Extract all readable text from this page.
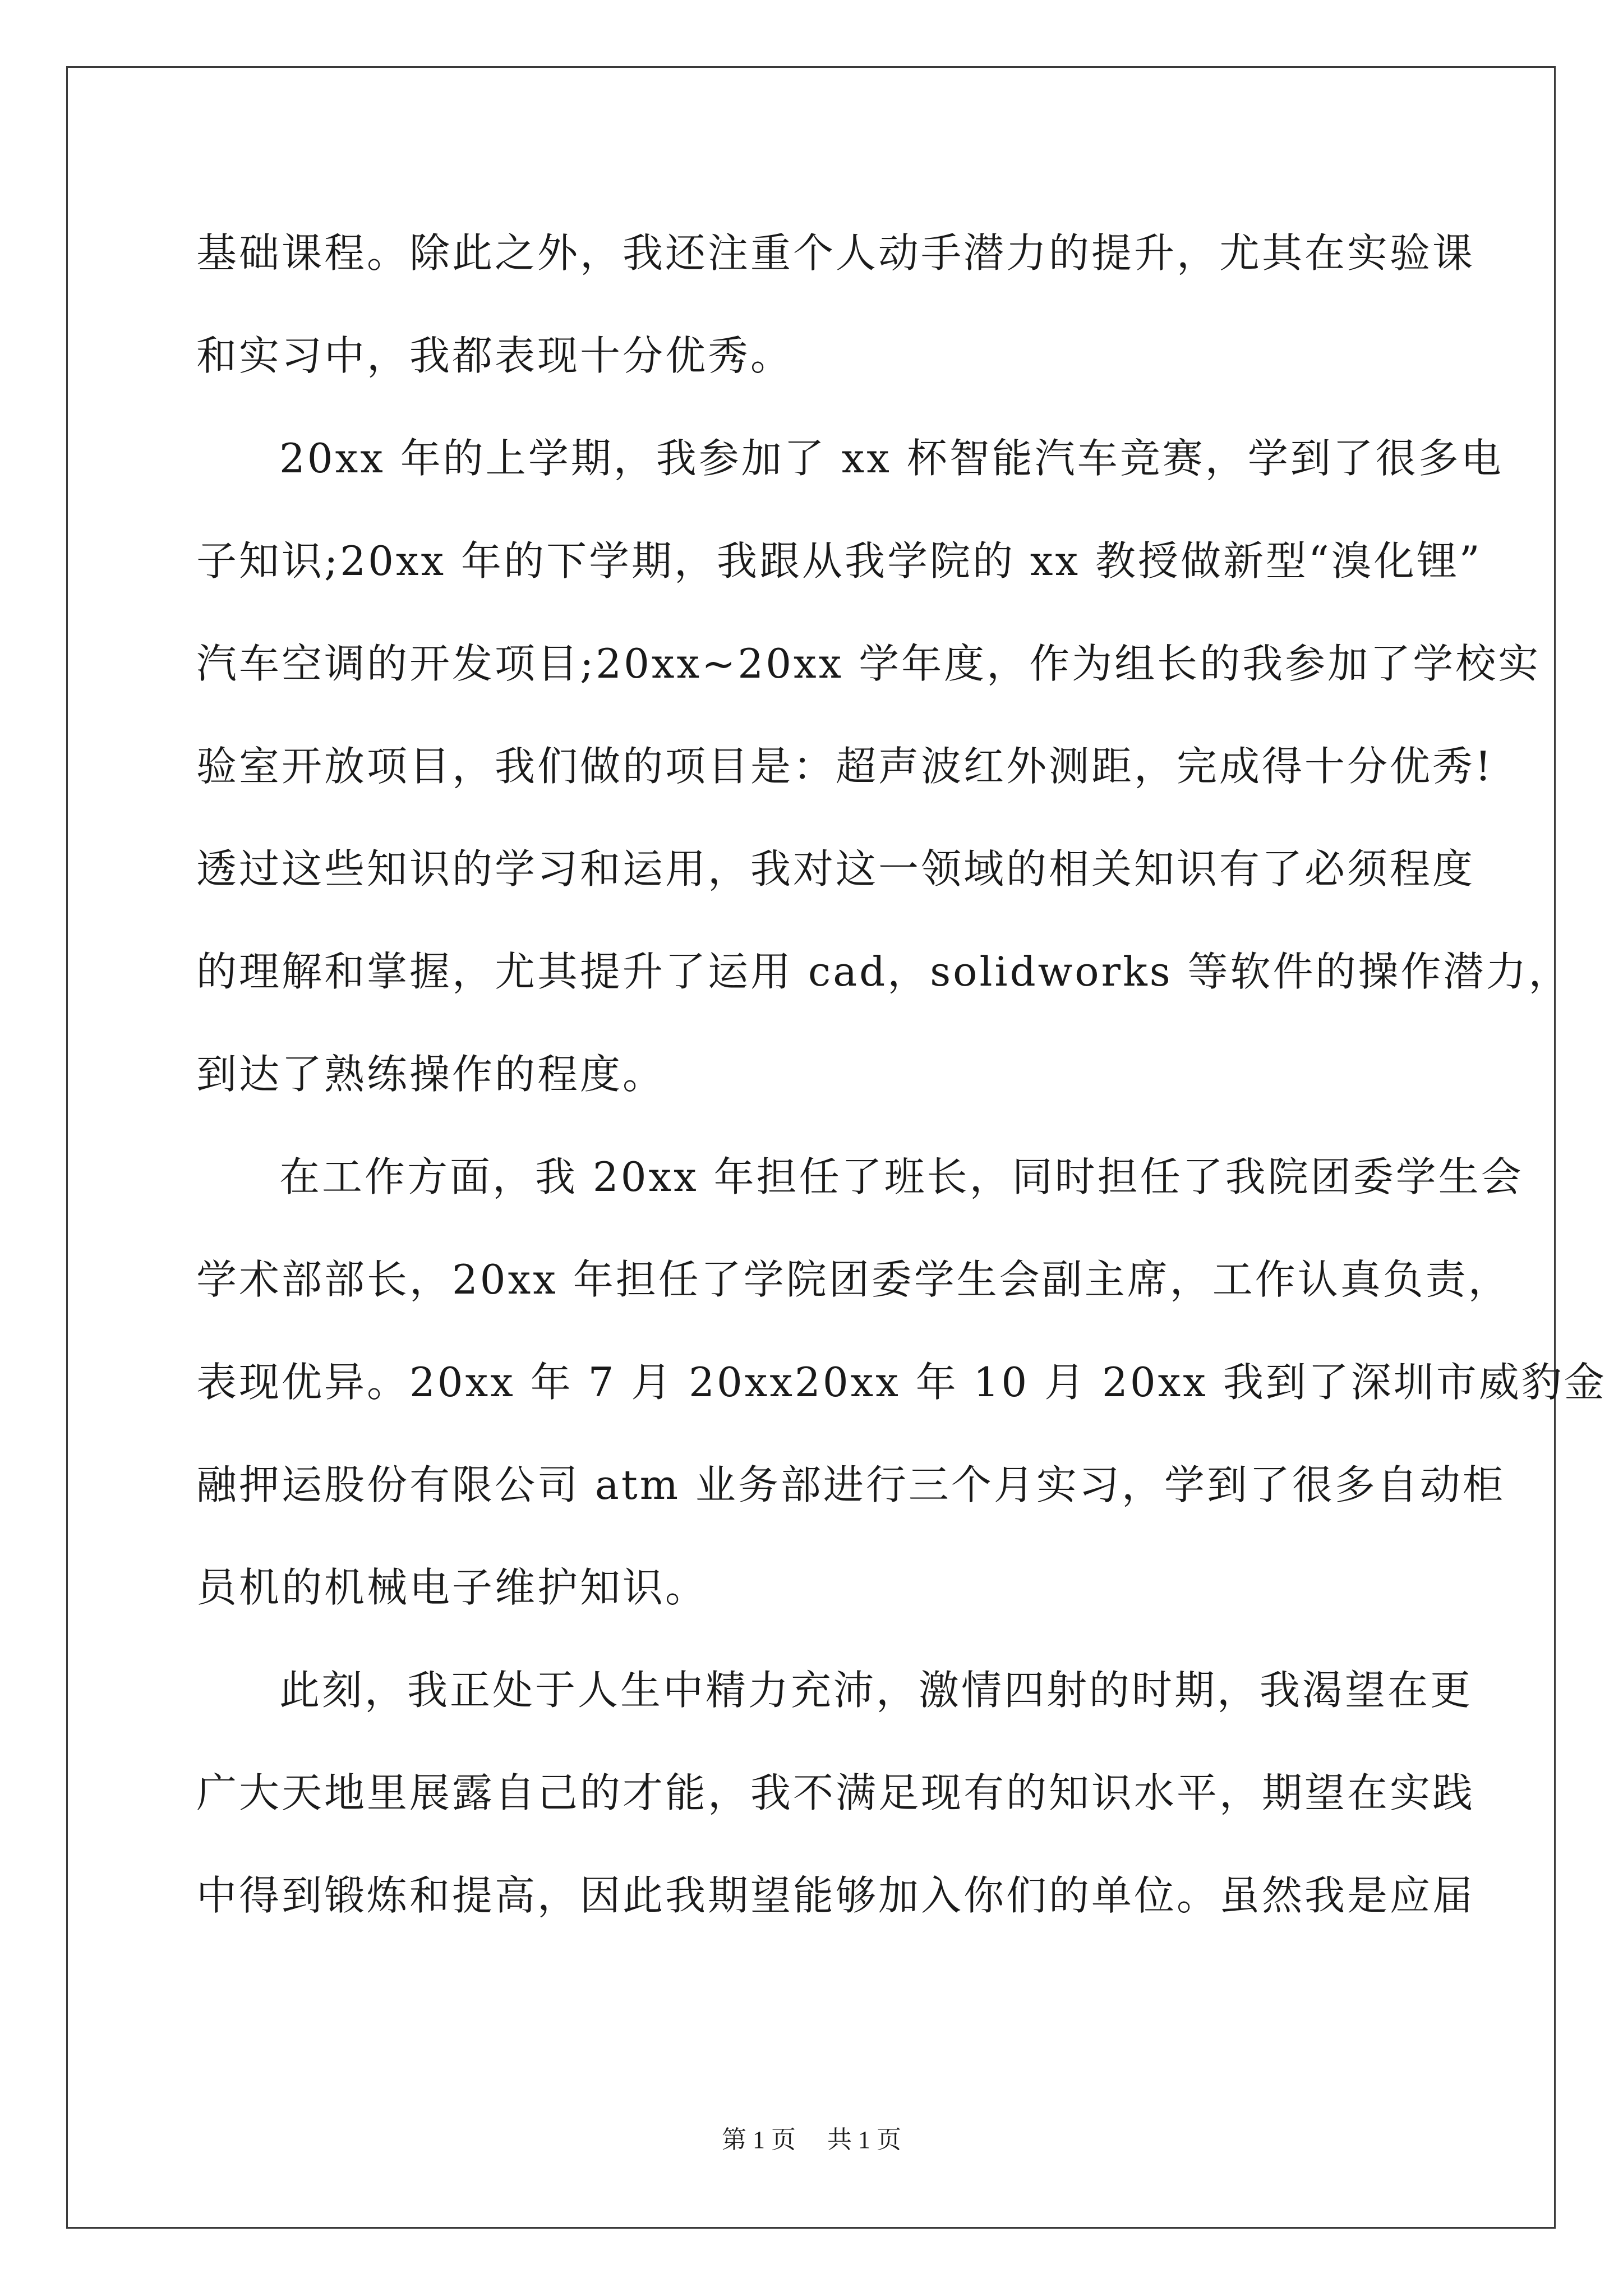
基础课程。除此之外，我还注重个人动手潜力的提升，尤其在实验课
和实习中，我都表现十分优秀。
20xx 年的上学期，我参加了 xx 杯智能汽车竞赛，学到了很多电
子知识;20xx 年的下学期，我跟从我学院的 xx 教授做新型“溴化锂”
汽车空调的开发项目;20xx~20xx 学年度，作为组长的我参加了学校实
验室开放项目，我们做的项目是：超声波红外测距，完成得十分优秀!
透过这些知识的学习和运用，我对这一领域的相关知识有了必须程度
的理解和掌握，尤其提升了运用 cad，solidworks 等软件的操作潜力，
到达了熟练操作的程度。
在工作方面，我 20xx 年担任了班长，同时担任了我院团委学生会
学术部部长，20xx 年担任了学院团委学生会副主席，工作认真负责，
表现优异。20xx 年 7 月 20xx20xx 年 10 月 20xx 我到了深圳市威豹金
融押运股份有限公司 atm 业务部进行三个月实习，学到了很多自动柜
员机的机械电子维护知识。
此刻，我正处于人生中精力充沛，激情四射的时期，我渴望在更
广大天地里展露自己的才能，我不满足现有的知识水平，期望在实践
中得到锻炼和提高，因此我期望能够加入你们的单位。虽然我是应届
第 1 页 共 1 页
